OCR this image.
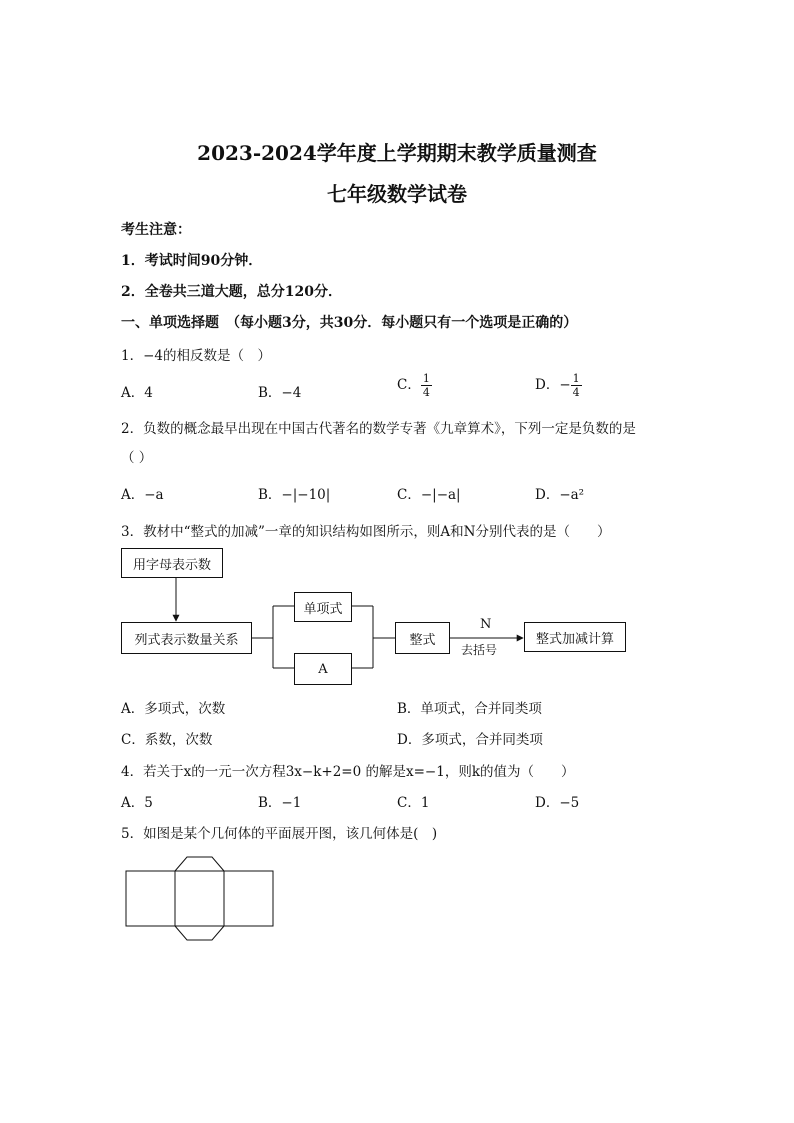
2023-2024学年度上学期期末教学质量测查
七年级数学试卷
考生注意：
1．考试时间90分钟．
2．全卷共三道大题，总分120分．
一、单项选择题　（每小题3分，共30分．每小题只有一个选项是正确的）
1．−4的相反数是（　）
A．4	B．−4	C． $\frac{1}{4}$	D．− $\frac{1}{4}$
2．负数的概念最早出现在中国古代著名的数学专著《九章算术》，下列一定是负数的是
（ ）
A．−a	B．−|−10|	C．−|−a|	D．−a²
3．教材中“整式的加减”一章的知识结构如图所示，则A和N分别代表的是（　　）
用字母表示数
列式表示数量关系
单项式
A
整式	整式加减计算
N
去括号
A．多项式，次数	B．单项式，合并同类项
C．系数，次数	D．多项式，合并同类项
4．若关于x的一元一次方程3x−k+2=0 的解是x=−1，则k的值为（　　）
A．5	B．−1	C．1	D．−5
5．如图是某个几何体的平面展开图，该几何体是(　)
